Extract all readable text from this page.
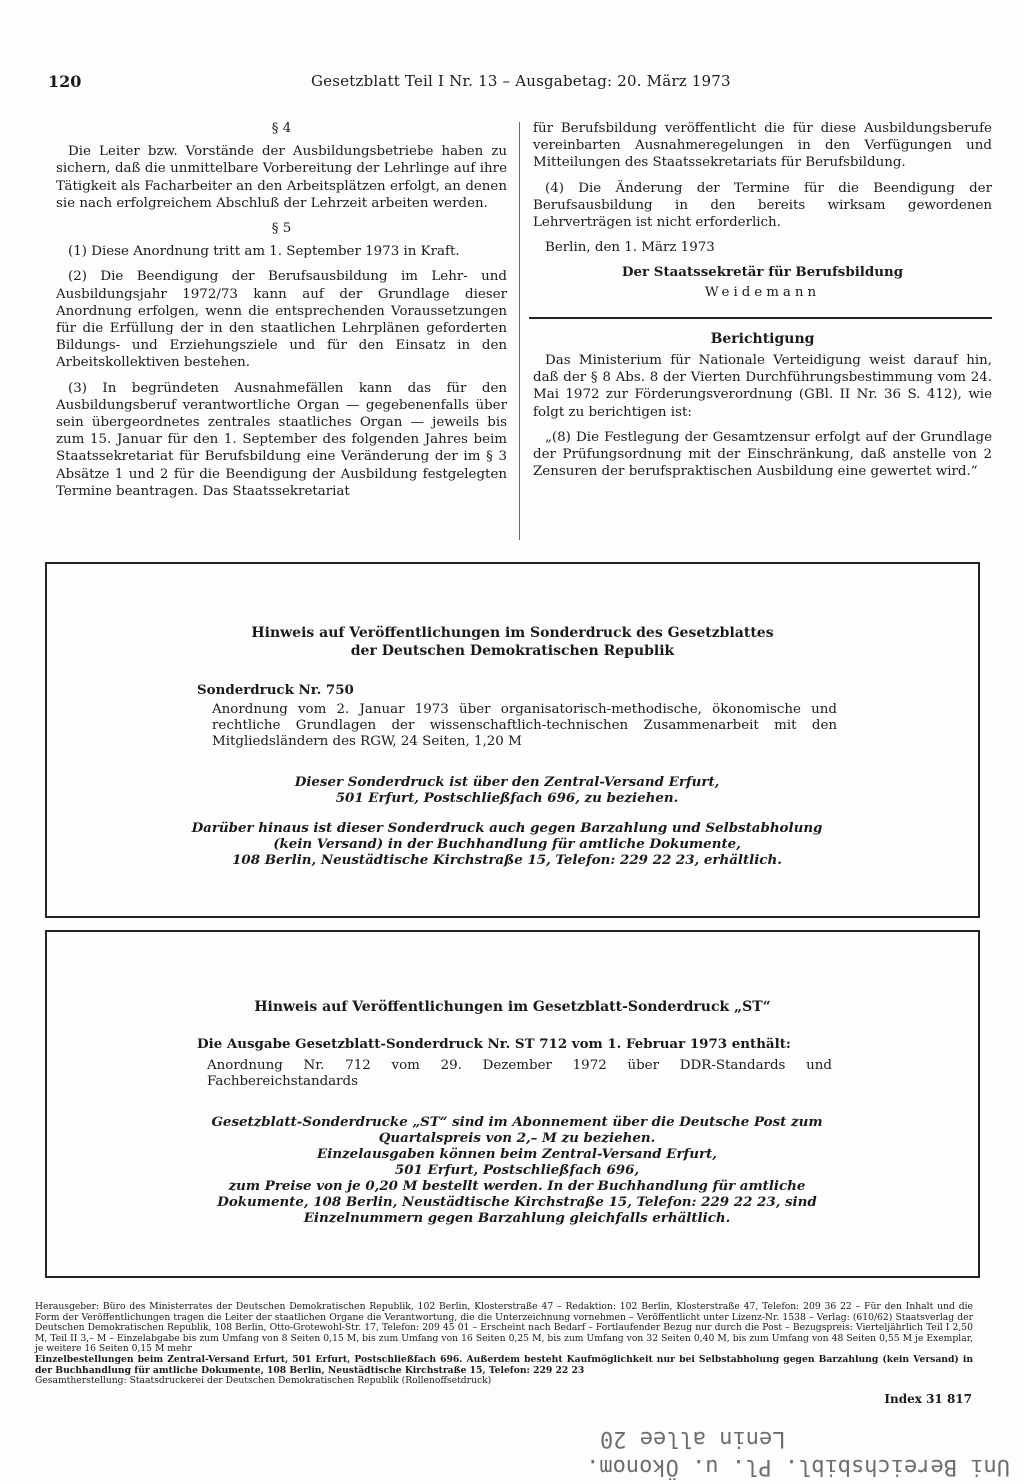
120	Gesetzblatt Teil I Nr. 13 – Ausgabetag: 20. März 1973
§ 4

Die Leiter bzw. Vorstände der Ausbildungsbetriebe haben zu sichern, daß die unmittelbare Vorbereitung der Lehrlinge auf ihre Tätigkeit als Facharbeiter an den Arbeitsplätzen erfolgt, an denen sie nach erfolgreichem Abschluß der Lehrzeit arbeiten werden.

§ 5

(1) Diese Anordnung tritt am 1. September 1973 in Kraft.

(2) Die Beendigung der Berufsausbildung im Lehr- und Ausbildungsjahr 1972/73 kann auf der Grundlage dieser Anordnung erfolgen, wenn die entsprechenden Voraussetzungen für die Erfüllung der in den staatlichen Lehrplänen geforderten Bildungs- und Erziehungsziele und für den Einsatz in den Arbeitskollektiven bestehen.

(3) In begründeten Ausnahmefällen kann das für den Ausbildungsberuf verantwortliche Organ — gegebenenfalls über sein übergeordnetes zentrales staatliches Organ — jeweils bis zum 15. Januar für den 1. September des folgenden Jahres beim Staatssekretariat für Berufsbildung eine Veränderung der im § 3 Absätze 1 und 2 für die Beendigung der Ausbildung festgelegten Termine beantragen. Das Staatssekretariat

für Berufsbildung veröffentlicht die für diese Ausbildungsberufe vereinbarten Ausnahmeregelungen in den Verfügungen und Mitteilungen des Staatssekretariats für Berufsbildung.

(4) Die Änderung der Termine für die Beendigung der Berufsausbildung in den bereits wirksam gewordenen Lehrverträgen ist nicht erforderlich.

Berlin, den 1. März 1973

Der Staatssekretär für Berufsbildung
Weidemann
Berichtigung

Das Ministerium für Nationale Verteidigung weist darauf hin, daß der § 8 Abs. 8 der Vierten Durchführungsbestimmung vom 24. Mai 1972 zur Förderungsverordnung (GBl. II Nr. 36 S. 412), wie folgt zu berichtigen ist:

„(8) Die Festlegung der Gesamtzensur erfolgt auf der Grundlage der Prüfungsordnung mit der Einschränkung, daß anstelle von 2 Zensuren der berufspraktischen Ausbildung eine gewertet wird.“

Hinweis auf Veröffentlichungen im Sonderdruck des Gesetzblattes

der Deutschen Demokratischen Republik

Sonderdruck Nr. 750

Anordnung vom 2. Januar 1973 über organisatorisch-methodische, ökonomische und rechtliche Grundlagen der wissenschaftlich-technischen Zusammenarbeit mit den Mitgliedsländern des RGW, 24 Seiten, 1,20 M

Dieser Sonderdruck ist über den Zentral-Versand Erfurt,

501 Erfurt, Postschließfach 696, zu beziehen.

Darüber hinaus ist dieser Sonderdruck auch gegen Barzahlung und Selbstabholung

(kein Versand) in der Buchhandlung für amtliche Dokumente,

108 Berlin, Neustädtische Kirchstraße 15, Telefon: 229 22 23, erhältlich.

Hinweis auf Veröffentlichungen im Gesetzblatt-Sonderdruck „ST“

Die Ausgabe Gesetzblatt-Sonderdruck Nr. ST 712 vom 1. Februar 1973 enthält:

Anordnung Nr. 712 vom 29. Dezember 1972 über DDR-Standards und Fachbereichstandards

Gesetzblatt-Sonderdrucke „ST“ sind im Abonnement über die Deutsche Post zum

Quartalspreis von 2,– M zu beziehen.

Einzelausgaben können beim Zentral-Versand Erfurt,

501 Erfurt, Postschließfach 696,

zum Preise von je 0,20 M bestellt werden. In der Buchhandlung für amtliche

Dokumente, 108 Berlin, Neustädtische Kirchstraße 15, Telefon: 229 22 23, sind

Einzelnummern gegen Barzahlung gleichfalls erhältlich.

Herausgeber: Büro des Ministerrates der Deutschen Demokratischen Republik, 102 Berlin, Klosterstraße 47 – Redaktion: 102 Berlin, Klosterstraße 47, Telefon: 209 36 22 – Für den Inhalt und die Form der Veröffentlichungen tragen die Leiter der staatlichen Organe die Verantwortung, die die Unterzeichnung vornehmen – Veröffentlicht unter Lizenz-Nr. 1538 – Verlag: (610/62) Staatsverlag der Deutschen Demokratischen Republik, 108 Berlin, Otto-Grotewohl-Str. 17, Telefon: 209 45 01 – Erscheint nach Bedarf – Fortlaufender Bezug nur durch die Post – Bezugspreis: Vierteljährlich Teil I 2,50 M, Teil II 3,– M – Einzelabgabe bis zum Umfang von 8 Seiten 0,15 M, bis zum Umfang von 16 Seiten 0,25 M, bis zum Umfang von 32 Seiten 0,40 M, bis zum Umfang von 48 Seiten 0,55 M je Exemplar, je weitere 16 Seiten 0,15 M mehr

Einzelbestellungen beim Zentral-Versand Erfurt, 501 Erfurt, Postschließfach 696. Außerdem besteht Kaufmöglichkeit nur bei Selbstabholung gegen Barzahlung (kein Versand) in der Buchhandlung für amtliche Dokumente, 108 Berlin, Neustädtische Kirchstraße 15, Telefon: 229 22 23

Gesamtherstellung: Staatsdruckerei der Deutschen Demokratischen Republik (Rollenoffsetdruck)

Index 31 817
Uni Bereichsbibl. Pl. u. Ökonom.
Lenin allee 20
